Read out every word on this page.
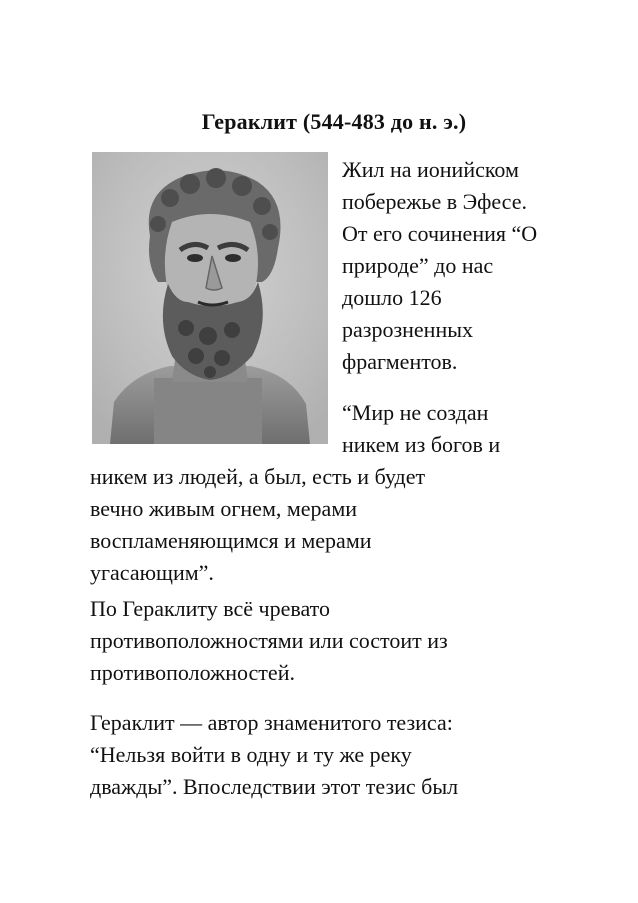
Гераклит (544-483 до н. э.)

Жил на ионийском
побережье в Эфесе.
От его сочинения “О
природе” до нас
дошло 126
разрозненных
фрагментов.

“Мир не создан
никем из богов и

никем из людей, а был, есть и будет
вечно живым огнем, мерами
воспламеняющимся и мерами
угасающим”.

По Гераклиту всё чревато
противоположностями или состоит из
противоположностей.

Гераклит — автор знаменитого тезиса:
“Нельзя войти в одну и ту же реку
дважды”. Впоследствии этот тезис был
